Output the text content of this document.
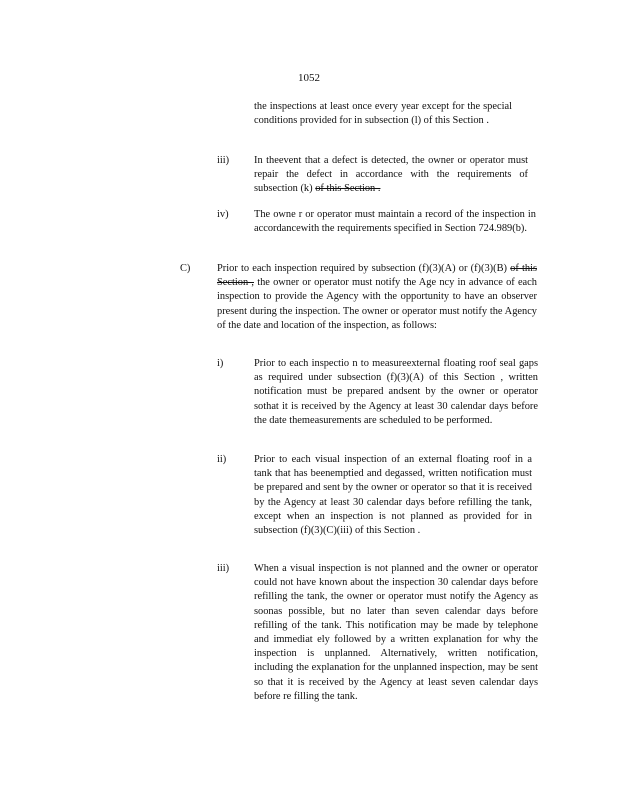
1052
the inspections at least once every year except for the special conditions provided for in subsection (l) of this Section .
iii) In theevent that a defect is detected, the owner or operator must repair the defect in accordance with the requirements of subsection (k) of this Section .
iv) The owne r or operator must maintain a record of the inspection in accordancewith the requirements specified in Section 724.989(b).
C)	Prior to each inspection required by subsection (f)(3)(A) or (f)(3)(B) of this Section , the owner or operator must notify the Age ncy in advance of each inspection to provide the Agency with the opportunity to have an observer present during the inspection. The owner or operator must notify the Agency of the date and location of the inspection, as follows:
i)	Prior to each inspectio n to measureexternal floating roof seal gaps as required under subsection (f)(3)(A) of this Section , written notification must be prepared andsent by the owner or operator sothat it is received by the Agency at least 30 calendar days before the date themeasurements are scheduled to be performed.
ii)	Prior to each visual inspection of an external floating roof in a tank that has beenemptied and degassed, written notification must be prepared and sent by the owner or operator so that it is received by the Agency at least 30 calendar days before refilling the tank, except when an inspection is not planned as provided for in subsection (f)(3)(C)(iii) of this Section .
iii) When a visual inspection is not planned and the owner or operator could not have known about the inspection 30 calendar days before refilling the tank, the owner or operator must notify the Agency as soonas possible, but no later than seven calendar days before refilling of the tank. This notification may be made by telephone and immediat ely followed by a written explanation for why the inspection is unplanned. Alternatively, written notification, including the explanation for the unplanned inspection, may be sent so that it is received by the Agency at least seven calendar days before re filling the tank.
